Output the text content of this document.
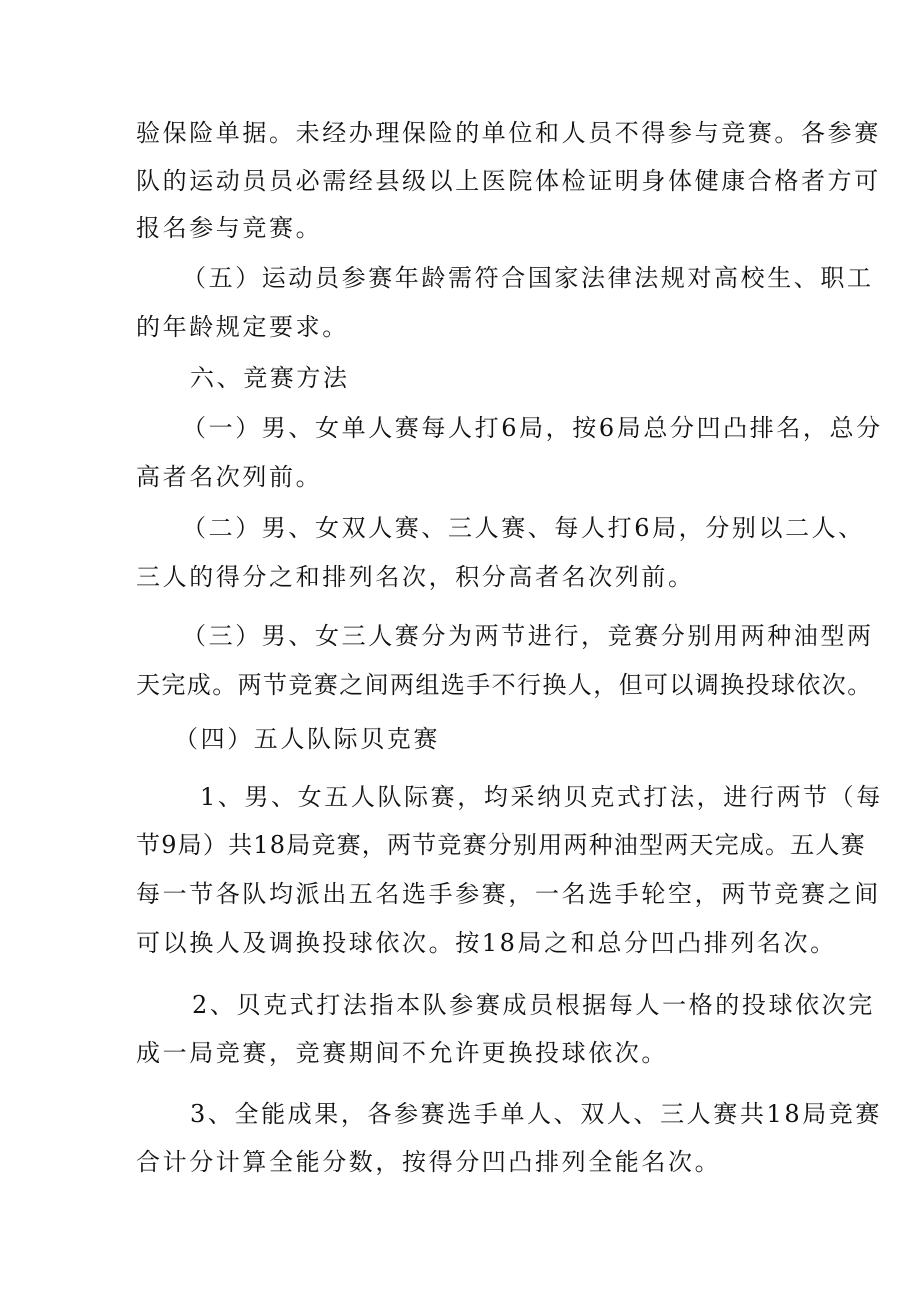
验保险单据。未经办理保险的单位和人员不得参与竞赛。各参赛
队的运动员员必需经县级以上医院体检证明身体健康合格者方可
报名参与竞赛。
（五）运动员参赛年龄需符合国家法律法规对高校生、职工
的年龄规定要求。
六、竞赛方法
（一）男、女单人赛每人打6局，按6局总分凹凸排名，总分
高者名次列前。
（二）男、女双人赛、三人赛、每人打6局，分别以二人、
三人的得分之和排列名次，积分高者名次列前。
（三）男、女三人赛分为两节进行，竞赛分别用两种油型两
天完成。两节竞赛之间两组选手不行换人，但可以调换投球依次。
（四）五人队际贝克赛
1、男、女五人队际赛，均采纳贝克式打法，进行两节（每
节9局）共18局竞赛，两节竞赛分别用两种油型两天完成。五人赛
每一节各队均派出五名选手参赛，一名选手轮空，两节竞赛之间
可以换人及调换投球依次。按18局之和总分凹凸排列名次。
2、贝克式打法指本队参赛成员根据每人一格的投球依次完
成一局竞赛，竞赛期间不允许更换投球依次。
3、全能成果，各参赛选手单人、双人、三人赛共18局竞赛
合计分计算全能分数，按得分凹凸排列全能名次。
